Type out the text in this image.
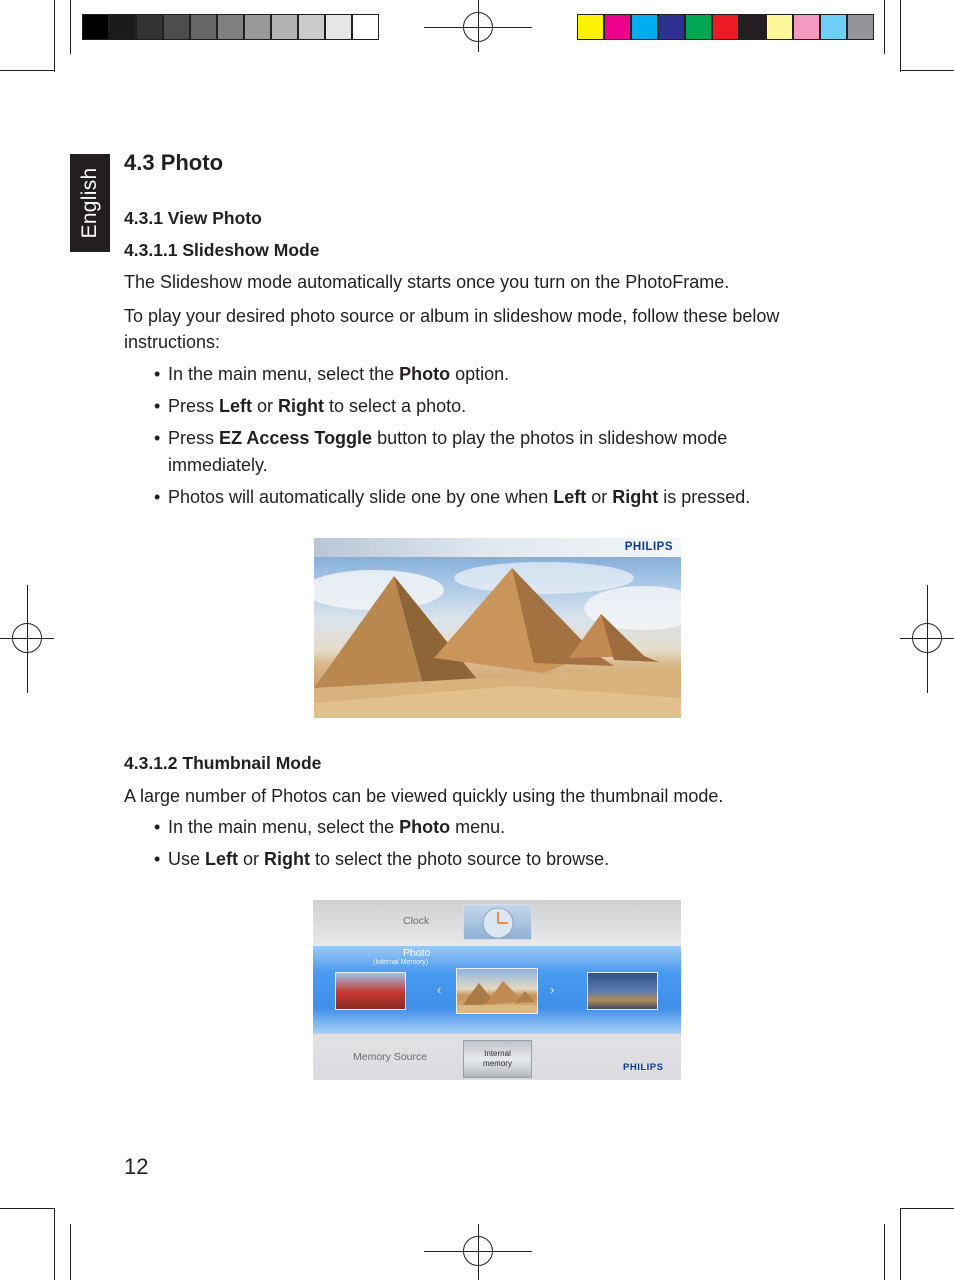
English
4.3 Photo
4.3.1 View Photo
4.3.1.1 Slideshow Mode
The Slideshow mode automatically starts once you turn on the PhotoFrame.
To play your desired photo source or album in slideshow mode, follow these below
instructions:
• In the main menu, select the Photo option.
• Press Left or Right to select a photo.
• Press EZ Access Toggle button to play the photos in slideshow mode
immediately.
• Photos will automatically slide one by one when Left or Right is pressed.
PHILIPS
4.3.1.2 Thumbnail Mode
A large number of Photos can be viewed quickly using the thumbnail mode.
• In the main menu, select the Photo menu.
• Use Left or Right to select the photo source to browse.
Clock
Photo
(Internal Memory)
‹	›
Memory Source	Internal
memory	PHILIPS
12
